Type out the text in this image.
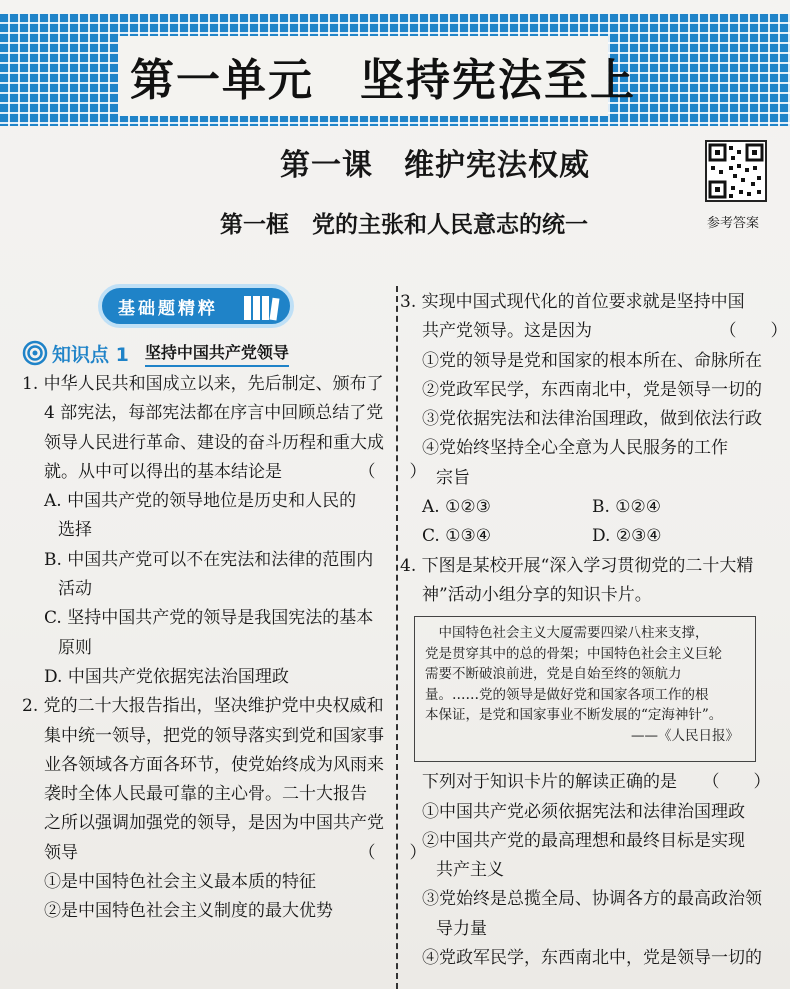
第一单元　坚持宪法至上
第一课　维护宪法权威
第一框　党的主张和人民意志的统一	参考答案
基础题精粹
知识点 1 坚持中国共产党领导
1. 中华人民共和国成立以来，先后制定、颁布了
4 部宪法，每部宪法都在序言中回顾总结了党
领导人民进行革命、建设的奋斗历程和重大成
就。从中可以得出的基本结论是　　　　　（　　）
A. 中国共产党的领导地位是历史和人民的
选择
B. 中国共产党可以不在宪法和法律的范围内
活动
C. 坚持中国共产党的领导是我国宪法的基本
原则
D. 中国共产党依据宪法治国理政
2. 党的二十大报告指出，坚决维护党中央权威和
集中统一领导，把党的领导落实到党和国家事
业各领域各方面各环节，使党始终成为风雨来
袭时全体人民最可靠的主心骨。二十大报告
之所以强调加强党的领导，是因为中国共产党
领导　　　　　　　　　　　　　　　　　（　　）
①是中国特色社会主义最本质的特征
②是中国特色社会主义制度的最大优势
3. 实现中国式现代化的首位要求就是坚持中国
共产党领导。这是因为　　　　　　　　（　　）
①党的领导是党和国家的根本所在、命脉所在
②党政军民学，东西南北中，党是领导一切的
③党依据宪法和法律治国理政，做到依法行政
④党始终坚持全心全意为人民服务的工作
宗旨
A. ①②③	B. ①②④
C. ①③④	D. ②③④
4. 下图是某校开展“深入学习贯彻党的二十大精
神”活动小组分享的知识卡片。
　中国特色社会主义大厦需要四梁八柱来支撑，
党是贯穿其中的总的骨架；中国特色社会主义巨轮
需要不断破浪前进，党是自始至终的领航力
量。……党的领导是做好党和国家各项工作的根
本保证，是党和国家事业不断发展的“定海神针”。
——《人民日报》
下列对于知识卡片的解读正确的是　　（　　）
①中国共产党必须依据宪法和法律治国理政
②中国共产党的最高理想和最终目标是实现
共产主义
③党始终是总揽全局、协调各方的最高政治领
导力量
④党政军民学，东西南北中，党是领导一切的
